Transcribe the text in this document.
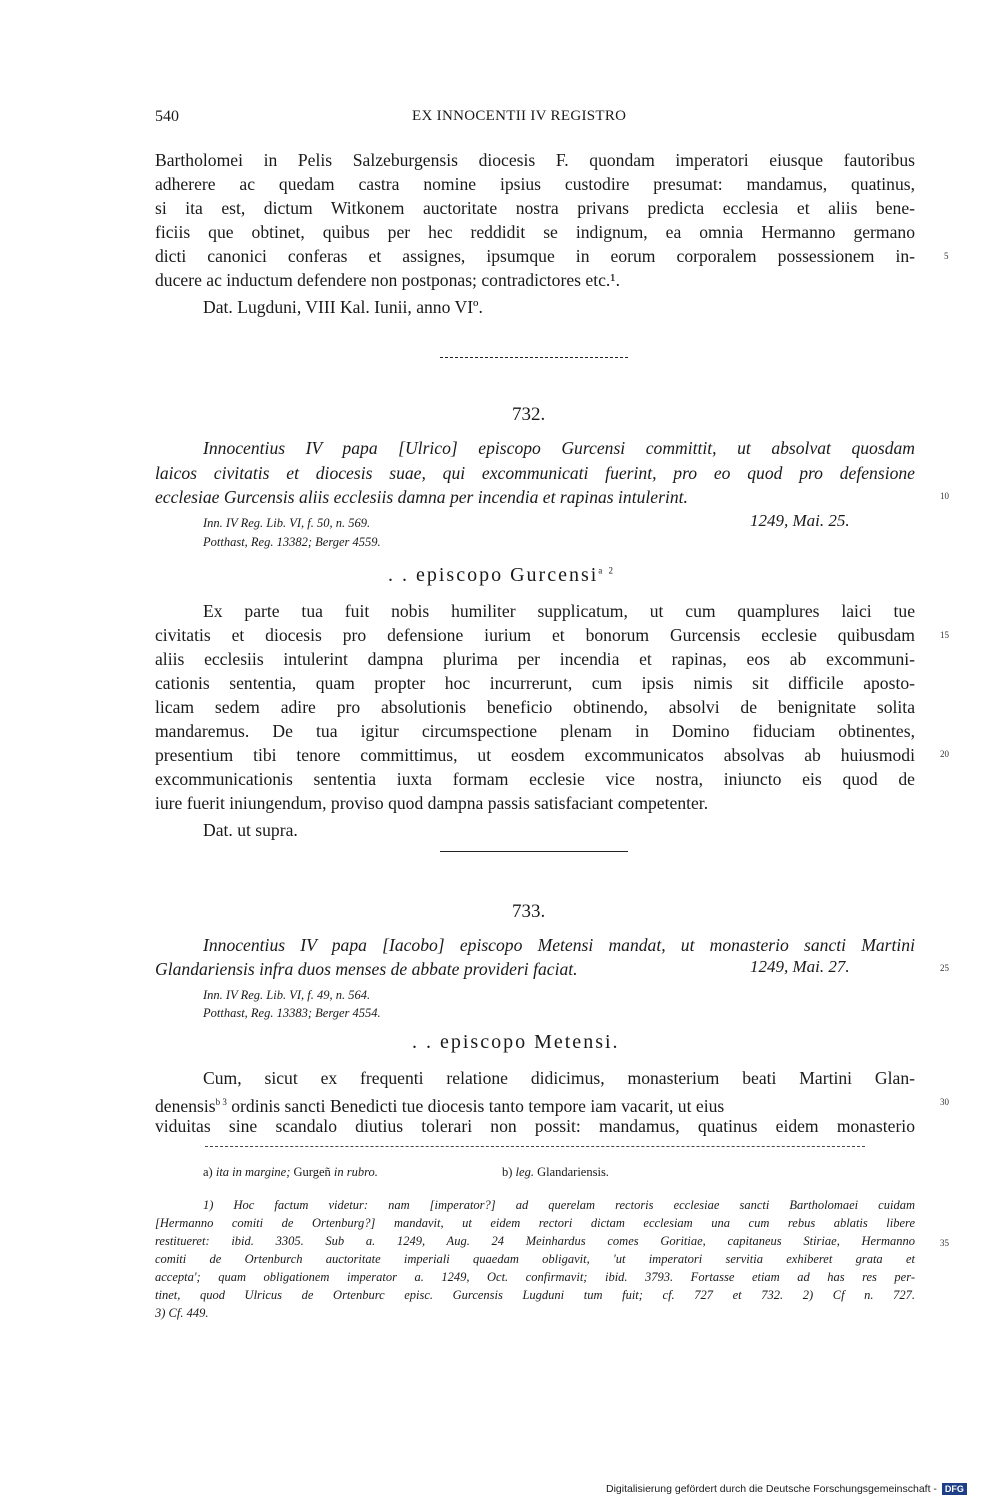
540	EX INNOCENTII IV REGISTRO
Bartholomei in Pelis Salzeburgensis diocesis F. quondam imperatori eiusque fautoribus
adherere ac quedam castra nomine ipsius custodire presumat: mandamus, quatinus,
si ita est, dictum Witkonem auctoritate nostra privans predicta ecclesia et aliis bene-
ficiis que obtinet, quibus per hec reddidit se indignum, ea omnia Hermanno germano
dicti canonici conferas et assignes, ipsumque in eorum corporalem possessionem in-
ducere ac inductum defendere non postponas; contradictores etc.¹.
5
Dat. Lugduni, VIII Kal. Iunii, anno VIº.
732.
Innocentius IV papa [Ulrico] episcopo Gurcensi committit, ut absolvat quosdam
laicos civitatis et diocesis suae, qui excommunicati fuerint, pro eo quod pro defensione
ecclesiae Gurcensis aliis ecclesiis damna per incendia et rapinas intulerint.	10
Inn. IV Reg. Lib. VI, f. 50, n. 569.	1249, Mai. 25.
Potthast, Reg. 13382; Berger 4559.
. . episcopo Gurcensi$^{a 2}$
Ex parte tua fuit nobis humiliter supplicatum, ut cum quamplures laici tue
civitatis et diocesis pro defensione iurium et bonorum Gurcensis ecclesie quibusdam	15
aliis ecclesiis intulerint dampna plurima per incendia et rapinas, eos ab excommuni-
cationis sententia, quam propter hoc incurrerunt, cum ipsis nimis sit difficile aposto-
licam sedem adire pro absolutionis beneficio obtinendo, absolvi de benignitate solita
mandaremus. De tua igitur circumspectione plenam in Domino fiduciam obtinentes,
presentium tibi tenore committimus, ut eosdem excommunicatos absolvas ab huiusmodi	20
excommunicationis sententia iuxta formam ecclesie vice nostra, iniuncto eis quod de
iure fuerit iniungendum, proviso quod dampna passis satisfaciant competenter.
Dat. ut supra.
733.
Innocentius IV papa [Iacobo] episcopo Metensi mandat, ut monasterio sancti Martini
Glandariensis infra duos menses de abbate provideri faciat.	1249, Mai. 27.	25
Inn. IV Reg. Lib. VI, f. 49, n. 564.
Potthast, Reg. 13383; Berger 4554.
. . episcopo Metensi.
Cum, sicut ex frequenti relatione didicimus, monasterium beati Martini Glan-
denensis$^{b 3}$ ordinis sancti Benedicti tue diocesis tanto tempore iam vacarit, ut eius	30
viduitas sine scandalo diutius tolerari non possit: mandamus, quatinus eidem monasterio
a) ita in margine; Gurgeñ in rubro.	b) leg. Glandariensis.
1) Hoc factum videtur: nam [imperator?] ad querelam rectoris ecclesiae sancti Bartholomaei cuidam
[Hermanno comiti de Ortenburg?] mandavit, ut eidem rectori dictam ecclesiam una cum rebus ablatis libere
restitueret: ibid. 3305. Sub a. 1249, Aug. 24 Meinhardus comes Goritiae, capitaneus Stiriae, Hermanno	35
comiti de Ortenburch auctoritate imperiali quaedam obligavit, 'ut imperatori servitia exhiberet grata et
accepta'; quam obligationem imperator a. 1249, Oct. confirmavit; ibid. 3793. Fortasse etiam ad has res per-
tinet, quod Ulricus de Ortenburc episc. Gurcensis Lugduni tum fuit; cf. 727 et 732. 2) Cf n. 727.
3) Cf. 449.
Digitalisierung gefördert durch die Deutsche Forschungsgemeinschaft - DFG
